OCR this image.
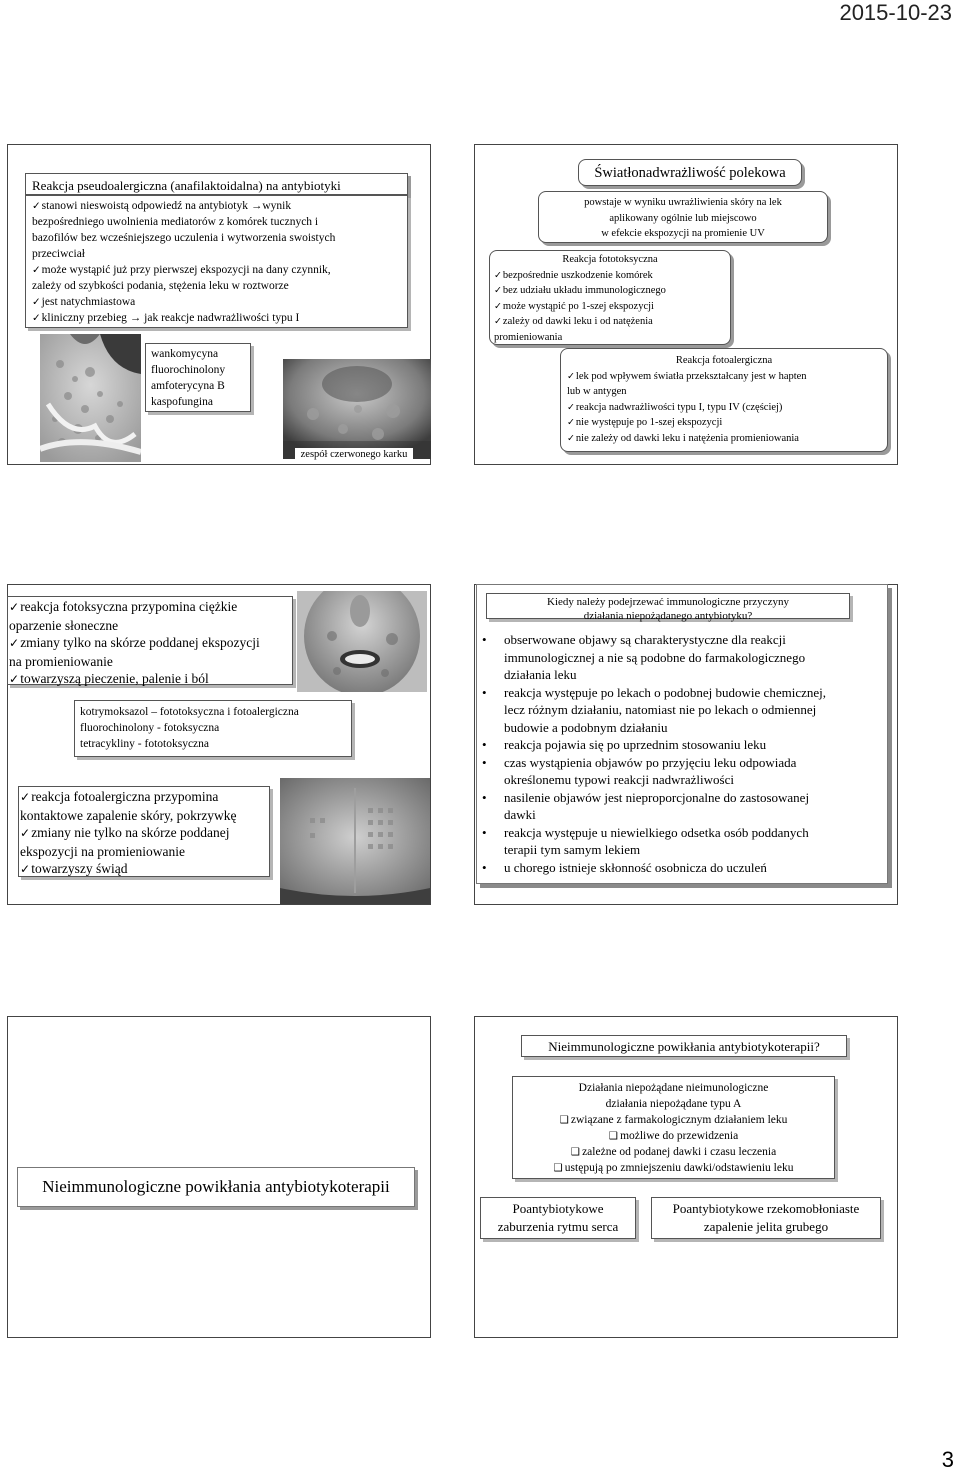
2015-10-23
3
Reakcja pseudoalergiczna (anafilaktoidalna) na antybiotyki
✓ stanowi nieswoistą odpowiedź na antybiotyk →wynik
bezpośredniego uwolnienia mediatorów z komórek tucznych i
bazofilów bez wcześniejszego uczulenia i wytworzenia swoistych
przeciwciał
✓ może wystąpić już przy pierwszej ekspozycji na dany czynnik,
zależy od szybkości podania, stężenia leku w roztworze
✓ jest natychmiastowa
✓ kliniczny przebieg → jak reakcje nadwrażliwości typu I
wankomycyna
fluorochinolony
amfoterycyna B
kaspofungina
zespół czerwonego karku
Światłonadwrażliwość polekowa
powstaje w wyniku uwrażliwienia skóry na lek
aplikowany ogólnie lub miejscowo
w efekcie ekspozycji na promienie UV
Reakcja fototoksyczna
✓ bezpośrednie uszkodzenie komórek
✓ bez udziału układu immunologicznego
✓ może wystąpić po 1-szej ekspozycji
✓ zależy od dawki leku i od natężenia
promieniowania
Reakcja fotoalergiczna
✓ lek pod wpływem światła przekształcany jest w hapten
lub w antygen
✓ reakcja nadwrażliwości typu I, typu IV (częściej)
✓ nie występuje po 1-szej ekspozycji
✓ nie zależy od dawki leku i natężenia promieniowania
✓ reakcja fotoksyczna przypomina ciężkie
oparzenie słoneczne
✓ zmiany tylko na skórze poddanej ekspozycji
na promieniowanie
✓ towarzyszą pieczenie, palenie i ból
kotrymoksazol – fototoksyczna i fotoalergiczna
fluorochinolony - fotoksyczna
tetracykliny - fototoksyczna
✓ reakcja fotoalergiczna przypomina
kontaktowe zapalenie skóry, pokrzywkę
✓ zmiany nie tylko na skórze poddanej
ekspozycji na promieniowanie
✓ towarzyszy świąd
Kiedy należy podejrzewać immunologiczne przyczyny
działania niepożądanego antybiotyku?
• obserwowane objawy są charakterystyczne dla reakcji
immunologicznej a nie są podobne do farmakologicznego
działania leku
• reakcja występuje po lekach o podobnej budowie chemicznej,
lecz różnym działaniu, natomiast nie po lekach o odmiennej
budowie a podobnym działaniu
• reakcja pojawia się po uprzednim stosowaniu leku
• czas wystąpienia objawów po przyjęciu leku odpowiada
określonemu typowi reakcji nadwrażliwości
• nasilenie objawów jest nieproporcjonalne do zastosowanej
dawki
• reakcja występuje u niewielkiego odsetka osób poddanych
terapii tym samym lekiem
• u chorego istnieje skłonność osobnicza do uczuleń
Nieimmunologiczne powikłania antybiotykoterapii
Nieimmunologiczne powikłania antybiotykoterapii?
Działania niepożądane nieimunologiczne
działania niepożądane typu A
❑ związane z farmakologicznym działaniem leku
❑ możliwe do przewidzenia
❑ zależne od podanej dawki i czasu leczenia
❑ ustępują po zmniejszeniu dawki/odstawieniu leku
Poantybiotykowe
zaburzenia rytmu serca
Poantybiotykowe rzekomobłoniaste
zapalenie jelita grubego
